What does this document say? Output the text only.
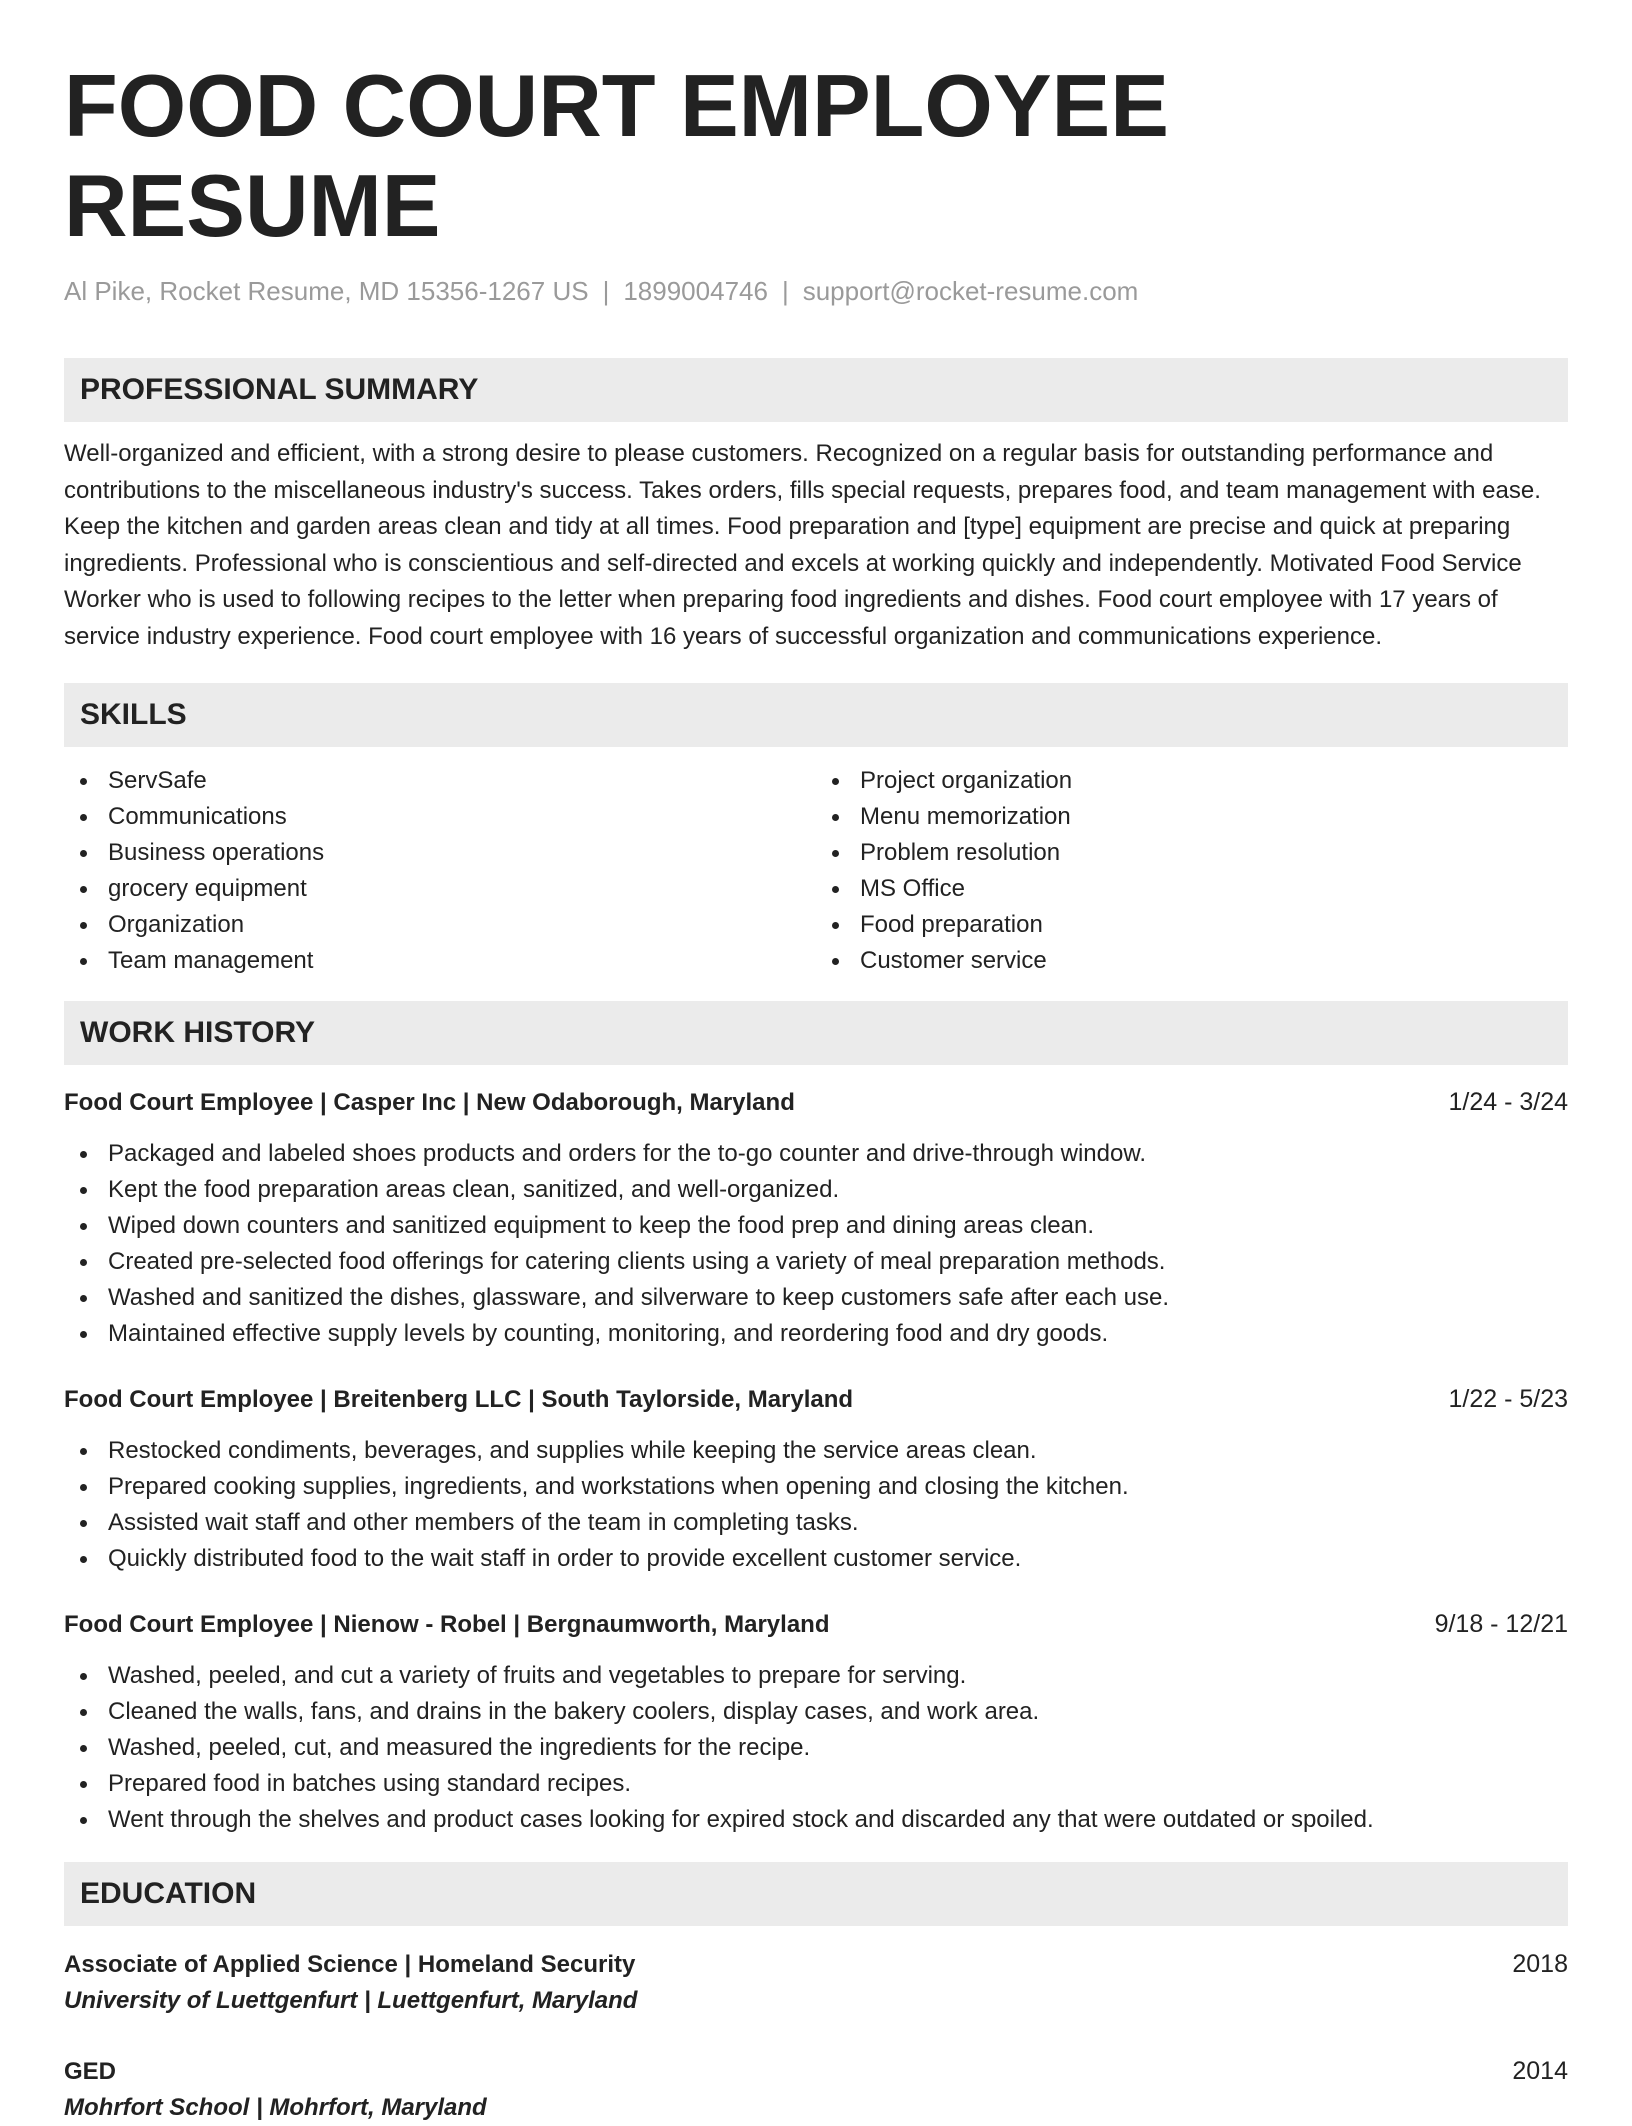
FOOD COURT EMPLOYEE RESUME
Al Pike, Rocket Resume, MD 15356-1267 US | 1899004746 | support@rocket-resume.com
PROFESSIONAL SUMMARY
Well-organized and efficient, with a strong desire to please customers. Recognized on a regular basis for outstanding performance and contributions to the miscellaneous industry's success. Takes orders, fills special requests, prepares food, and team management with ease. Keep the kitchen and garden areas clean and tidy at all times. Food preparation and [type] equipment are precise and quick at preparing ingredients. Professional who is conscientious and self-directed and excels at working quickly and independently. Motivated Food Service Worker who is used to following recipes to the letter when preparing food ingredients and dishes. Food court employee with 17 years of service industry experience. Food court employee with 16 years of successful organization and communications experience.
SKILLS
ServSafe
Communications
Business operations
grocery equipment
Organization
Team management
Project organization
Menu memorization
Problem resolution
MS Office
Food preparation
Customer service
WORK HISTORY
Food Court Employee | Casper Inc | New Odaborough, Maryland	1/24 - 3/24
Packaged and labeled shoes products and orders for the to-go counter and drive-through window.
Kept the food preparation areas clean, sanitized, and well-organized.
Wiped down counters and sanitized equipment to keep the food prep and dining areas clean.
Created pre-selected food offerings for catering clients using a variety of meal preparation methods.
Washed and sanitized the dishes, glassware, and silverware to keep customers safe after each use.
Maintained effective supply levels by counting, monitoring, and reordering food and dry goods.
Food Court Employee | Breitenberg LLC | South Taylorside, Maryland	1/22 - 5/23
Restocked condiments, beverages, and supplies while keeping the service areas clean.
Prepared cooking supplies, ingredients, and workstations when opening and closing the kitchen.
Assisted wait staff and other members of the team in completing tasks.
Quickly distributed food to the wait staff in order to provide excellent customer service.
Food Court Employee | Nienow - Robel | Bergnaumworth, Maryland	9/18 - 12/21
Washed, peeled, and cut a variety of fruits and vegetables to prepare for serving.
Cleaned the walls, fans, and drains in the bakery coolers, display cases, and work area.
Washed, peeled, cut, and measured the ingredients for the recipe.
Prepared food in batches using standard recipes.
Went through the shelves and product cases looking for expired stock and discarded any that were outdated or spoiled.
EDUCATION
Associate of Applied Science | Homeland Security	2018
University of Luettgenfurt | Luettgenfurt, Maryland
GED	2014
Mohrfort School | Mohrfort, Maryland
